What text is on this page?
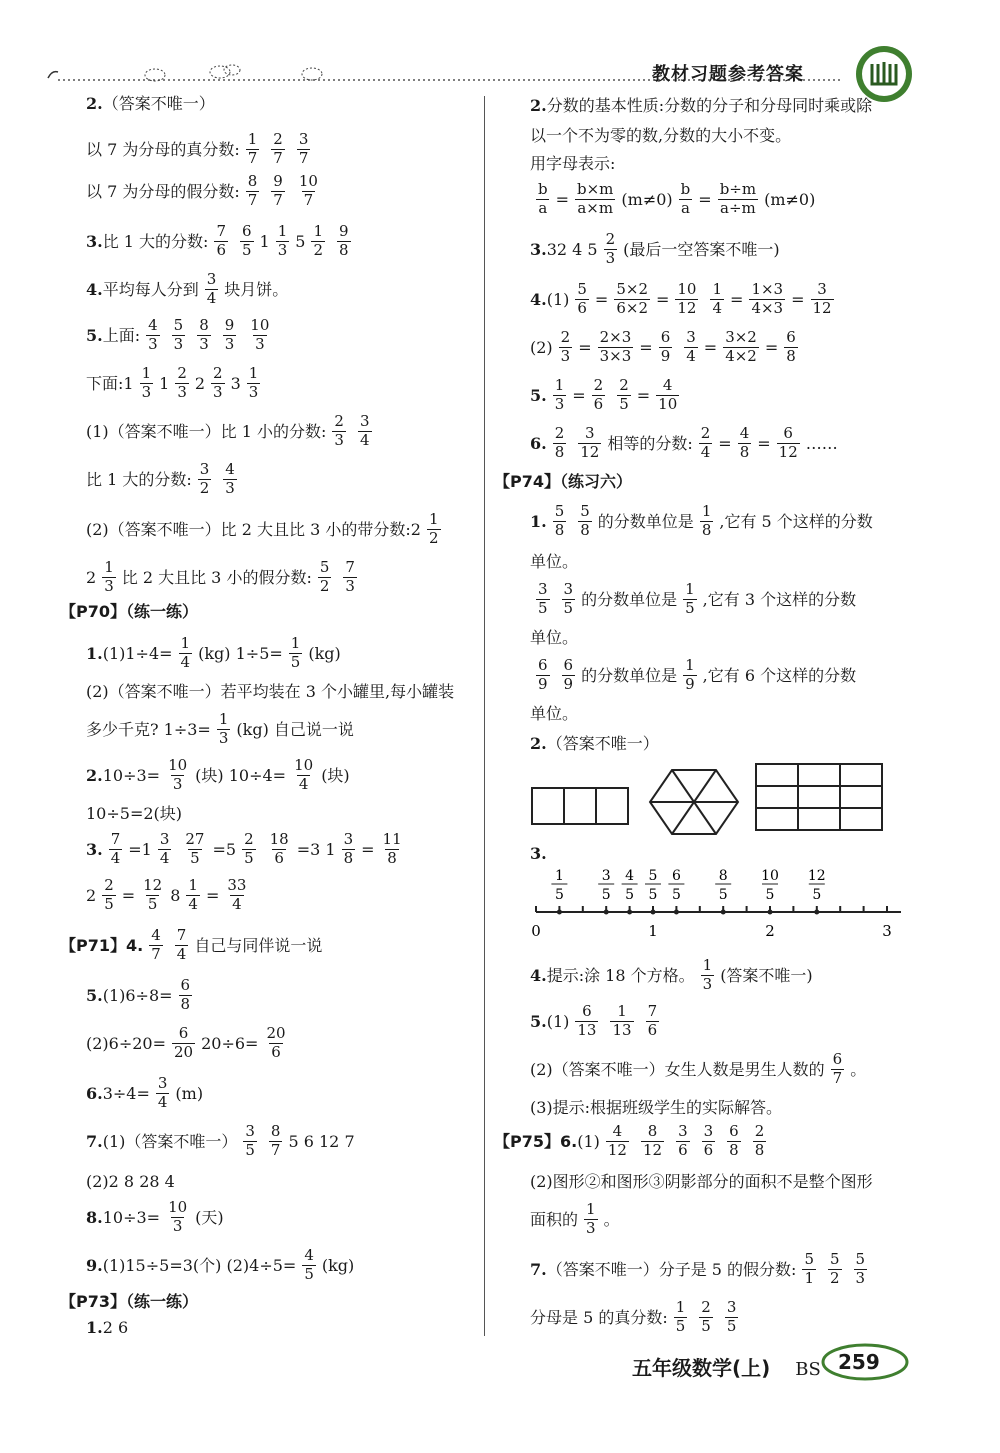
教材习题参考答案
2. （答案不唯一）
以 7 为分母的真分数: $\frac{1}{7} \frac{2}{7} \frac{3}{7}$
以 7 为分母的假分数: $\frac{8}{7} \frac{9}{7} \frac{10}{7}$
3. 比 1 大的分数: $\frac{7}{6} \frac{6}{5} 1 \frac{1}{3} 5 \frac{1}{2} \frac{9}{8}$
4. 平均每人分到 $\frac{3}{4}$ 块月饼。
5. 上面: $\frac{4}{3} \frac{5}{3} \frac{8}{3} \frac{9}{3} \frac{10}{3}$
下面:1 $\frac{1}{3} 1 \frac{2}{3} 2 \frac{2}{3} 3 \frac{1}{3}$
(1)（答案不唯一）比 1 小的分数: $\frac{2}{3} \frac{3}{4}$
比 1 大的分数: $\frac{3}{2} \frac{4}{3}$
(2)（答案不唯一）比 2 大且比 3 小的带分数:2 $\frac{1}{2}$
$2 \frac{1}{3}$ 比 2 大且比 3 小的假分数: $\frac{5}{2} \frac{7}{3}$
【P70】（练一练）
1. $(1)1\div 4= \frac{1}{4} (kg)$ $1\div 5= \frac{1}{5} (kg)$
(2)（答案不唯一）若平均装在 3 个小罐里,每小罐装
多少千克? $1\div 3= \frac{1}{3} (kg)$ 自己说一说
2. $10\div 3= \frac{10}{3}$ (块) $10\div 4= \frac{10}{4}$ (块)
10÷5=2(块)
3. $\frac{7}{4} =1 \frac{3}{4} \frac{27}{5} =5 \frac{2}{5} \frac{18}{6} =3$ $1 \frac{3}{8} = \frac{11}{8}$
$2 \frac{2}{5} = \frac{12}{5} 8 \frac{1}{4} = \frac{33}{4}$
【P71】4. $\frac{4}{7} \frac{7}{4}$ 自己与同伴说一说
5. $(1)6\div 8= \frac{6}{8}$
$(2)6\div 20= \frac{6}{20} 20\div 6= \frac{20}{6}$
6. $3\div 4= \frac{3}{4} (m)$
7. (1)（答案不唯一） $\frac{3}{5} \frac{8}{7} 5$ 6 12 7
(2)2 8 28 4
8. $10\div 3= \frac{10}{3}$ (天)
9. (1)15÷5=3(个) $(2)4\div 5= \frac{4}{5} (kg)$
【P73】（练一练）
1. 2 6
2. 分数的基本性质:分数的分子和分母同时乘或除
以一个不为零的数,分数的大小不变。
用字母表示:
$\frac{b}{a} = \frac{b\times m}{a\times m} (m\ne 0) \frac{b}{a} = \frac{b\div m}{a\div m} (m\ne 0)$
3. 32 4 $5 \frac{2}{3}$ (最后一空答案不唯一)
4. $(1) \frac{5}{6} = \frac{5\times 2}{6\times 2} = \frac{10}{12} \frac{1}{4} = \frac{1\times 3}{4\times 3} = \frac{3}{12}$
$(2) \frac{2}{3} = \frac{2\times 3}{3\times 3} = \frac{6}{9} \frac{3}{4} = \frac{3\times 2}{4\times 2} = \frac{6}{8}$
5. $\frac{1}{3} = \frac{2}{6} \frac{2}{5} = \frac{4}{10}$
6. $\frac{2}{8} \frac{3}{12}$ 相等的分数: $\frac{2}{4} = \frac{4}{8} = \frac{6}{12}$ ……
【P74】（练习六）
1. $\frac{5}{8} \frac{5}{8}$ 的分数单位是 $\frac{1}{8}$ ,它有 5 个这样的分数
单位。
$\frac{3}{5} \frac{3}{5}$ 的分数单位是 $\frac{1}{5}$ ,它有 3 个这样的分数
单位。
$\frac{6}{9} \frac{6}{9}$ 的分数单位是 $\frac{1}{9}$ ,它有 6 个这样的分数
单位。
2. （答案不唯一）
3.
4. 提示:涂 18 个方格。 $\frac{1}{3}$ (答案不唯一)
5. $(1) \frac{6}{13} \frac{1}{13} \frac{7}{6}$
(2)（答案不唯一）女生人数是男生人数的 $\frac{6}{7}$ 。
(3)提示:根据班级学生的实际解答。
【P75】6. $(1) \frac{4}{12} \frac{8}{12} \frac{3}{6} \frac{3}{6} \frac{6}{8} \frac{2}{8}$
(2)图形②和图形③阴影部分的面积不是整个图形
面积的 $\frac{1}{3}$ 。
7. （答案不唯一）分子是 5 的假分数: $\frac{5}{1} \frac{5}{2} \frac{5}{3}$
分母是 5 的真分数: $\frac{1}{5} \frac{2}{5} \frac{3}{5}$
0	1	2	3
1
5
3
5
4
5
5
5
6
5
8
5
10
5
12
5
五年级数学(上) BS 259
